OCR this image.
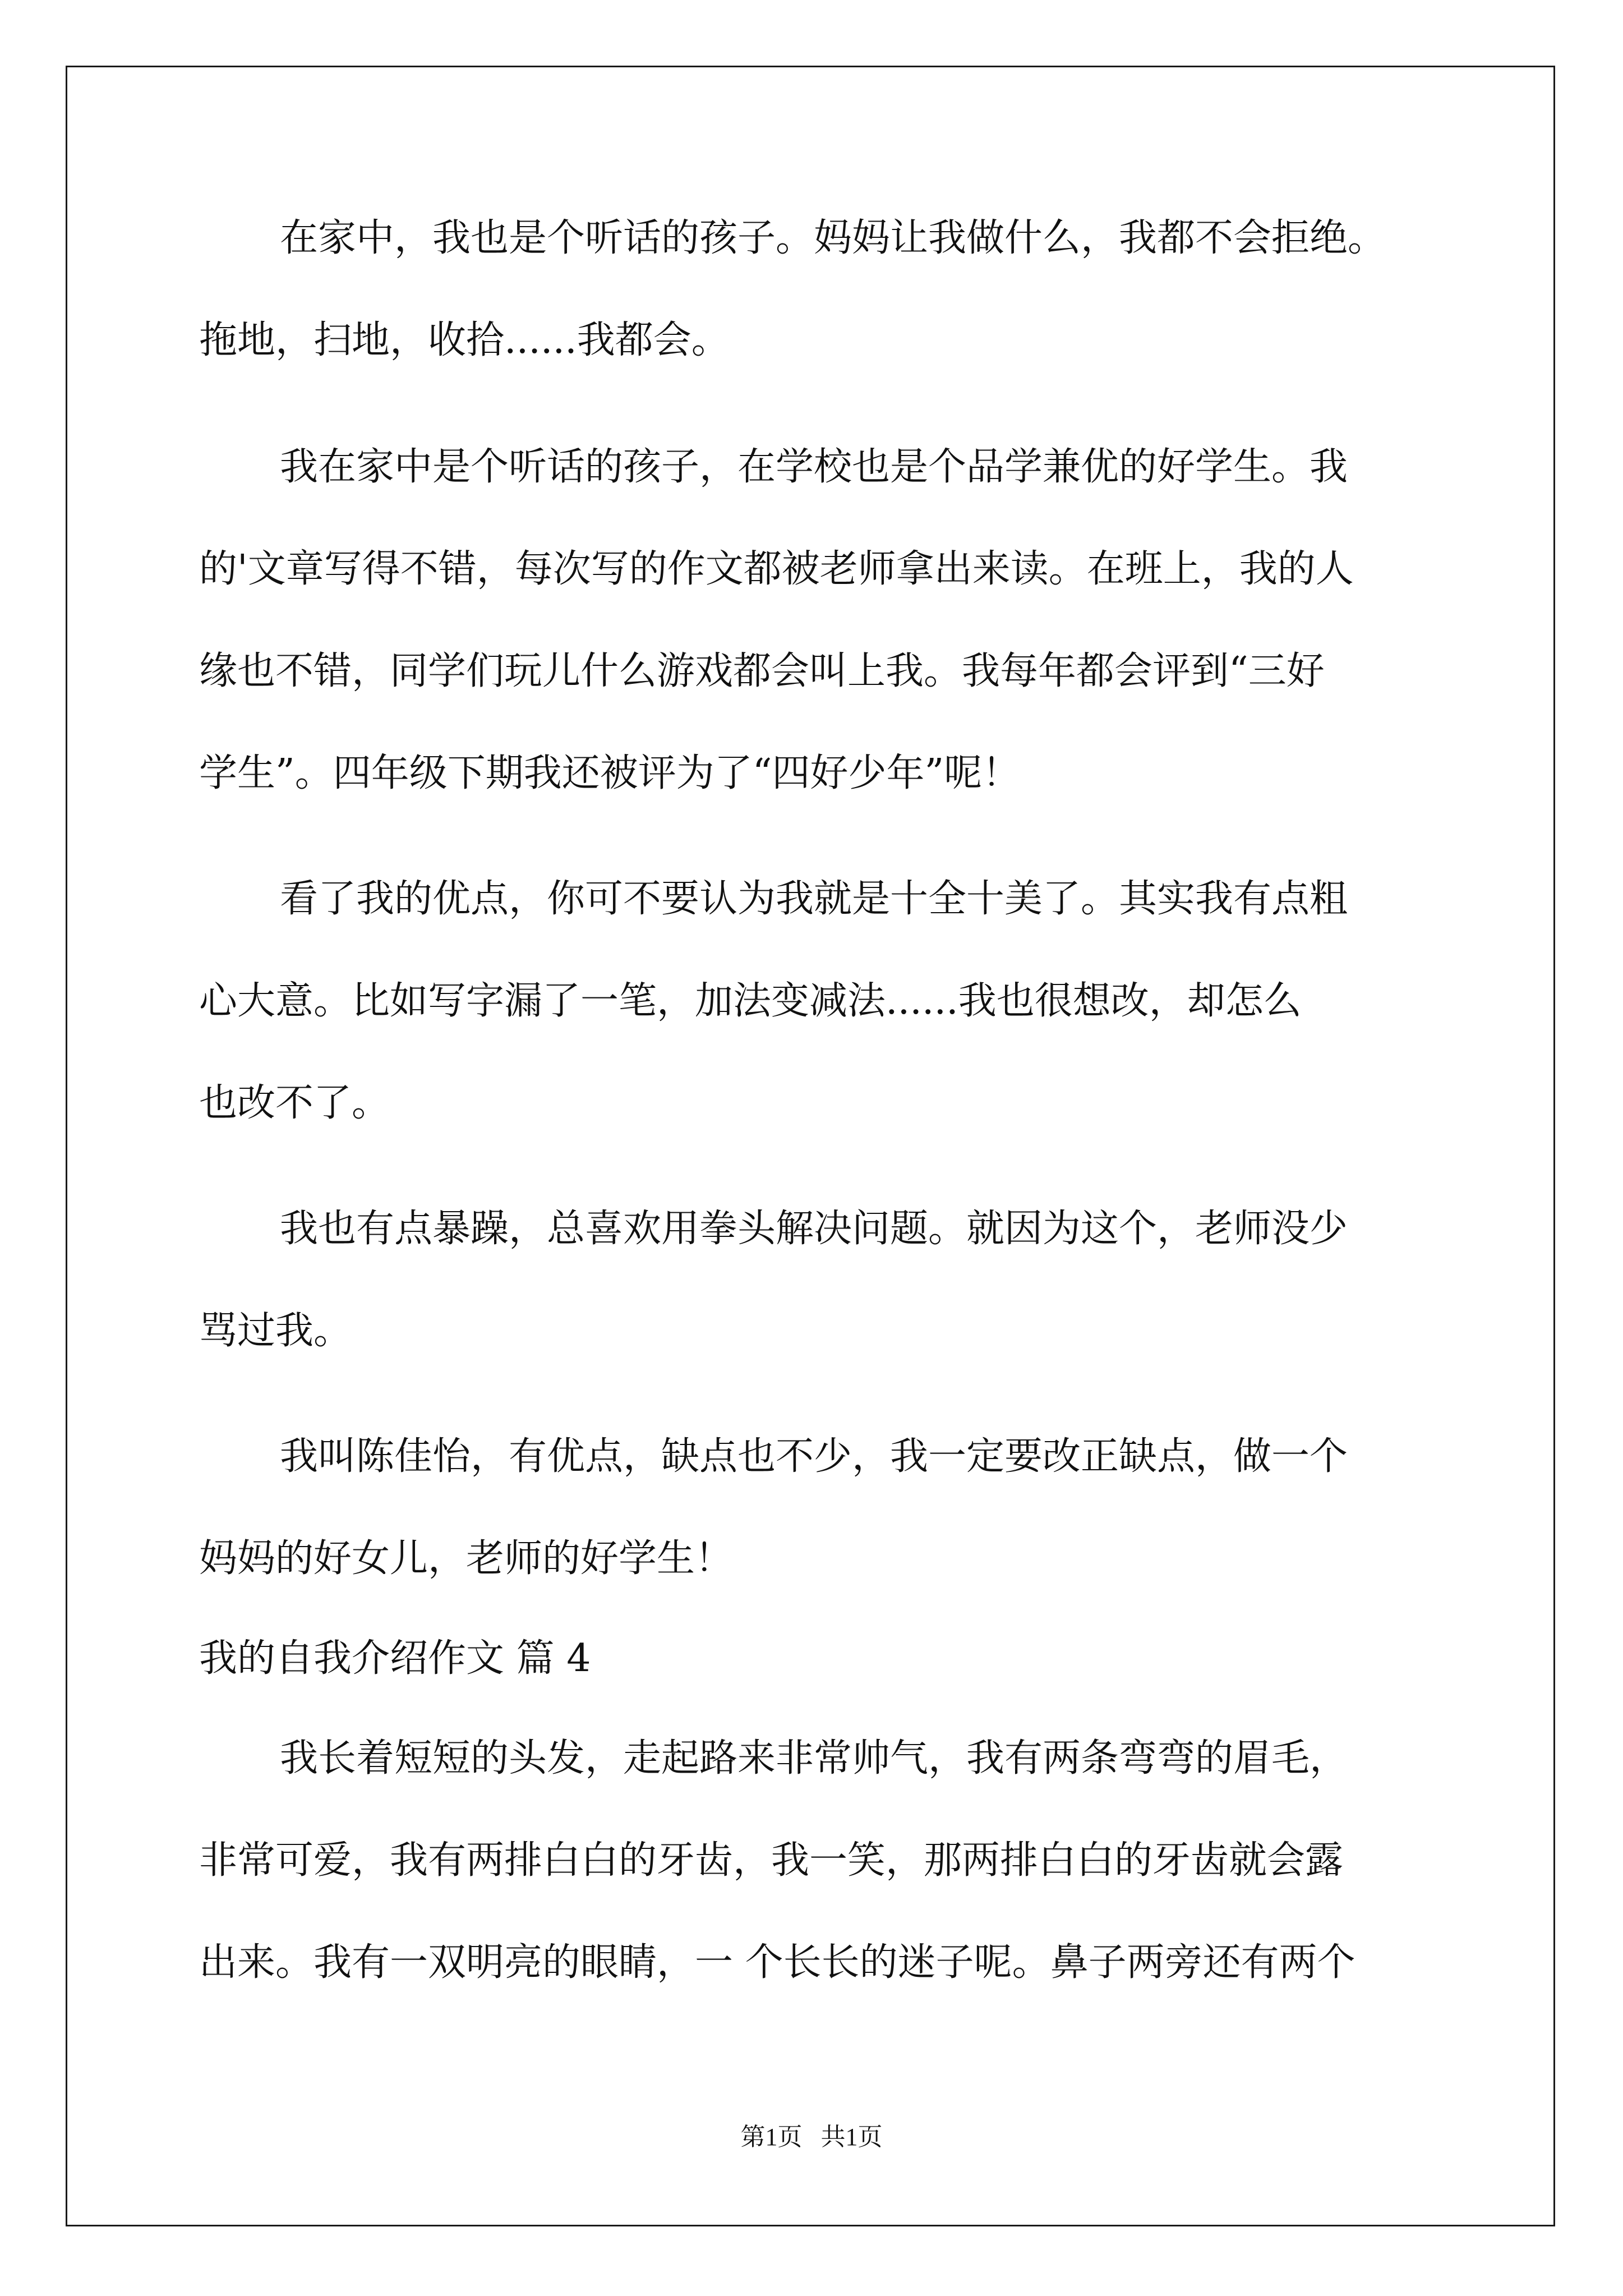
在家中，我也是个听话的孩子。妈妈让我做什么，我都不会拒绝。
拖地，扫地，收拾......我都会。
我在家中是个听话的孩子，在学校也是个品学兼优的好学生。我
的'文章写得不错，每次写的作文都被老师拿出来读。在班上，我的人
缘也不错，同学们玩儿什么游戏都会叫上我。我每年都会评到“三好
学生”。四年级下期我还被评为了“四好少年”呢！
看了我的优点，你可不要认为我就是十全十美了。其实我有点粗
心大意。比如写字漏了一笔，加法变减法......我也很想改，却怎么
也改不了。
我也有点暴躁，总喜欢用拳头解决问题。就因为这个，老师没少
骂过我。
我叫陈佳怡，有优点，缺点也不少，我一定要改正缺点，做一个
妈妈的好女儿，老师的好学生！
我的自我介绍作文 篇 4
我长着短短的头发，走起路来非常帅气，我有两条弯弯的眉毛，
非常可爱，我有两排白白的牙齿，我一笑，那两排白白的牙齿就会露
出来。我有一双明亮的眼睛，一 个长长的迷子呢。鼻子两旁还有两个
第1页   共1页
